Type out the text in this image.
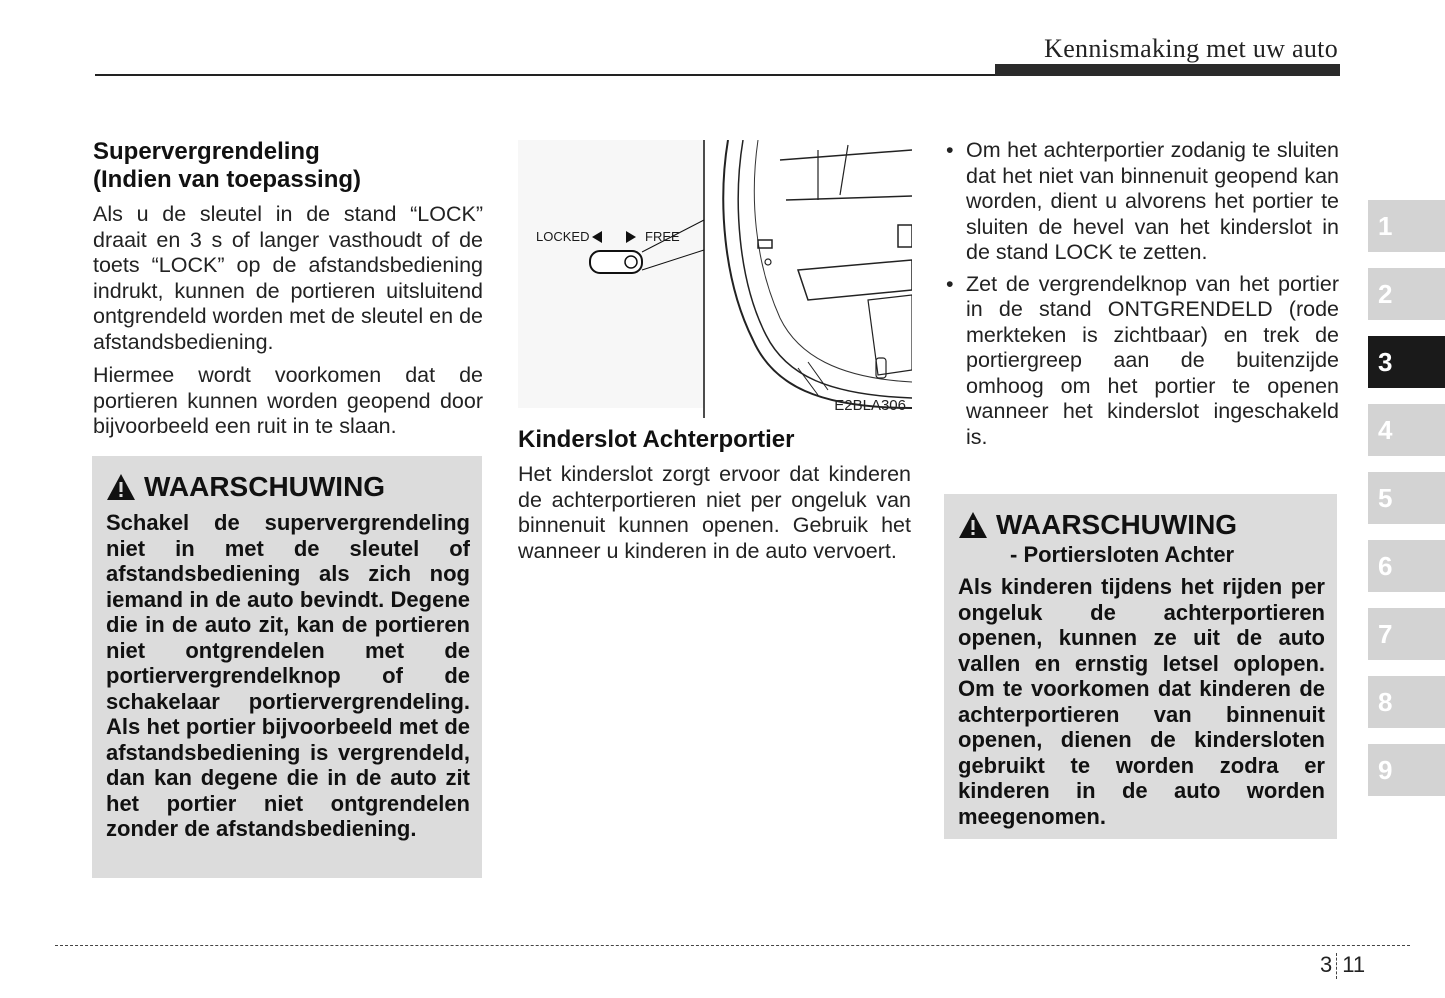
Kennismaking met uw auto
Supervergrendeling
(Indien van toepassing)

Als u de sleutel in de stand “LOCK” draait en 3 s of langer vasthoudt of de toets “LOCK” op de afstandsbediening indrukt, kunnen de portieren uitsluitend ontgrendeld worden met de sleutel en de afstandsbediening.

Hiermee wordt voorkomen dat de portieren kunnen worden geopend door bijvoorbeeld een ruit in te slaan.

WAARSCHUWING
Schakel de supervergrendeling niet in met de sleutel of afstandsbediening als zich nog iemand in de auto bevindt. Degene die in de auto zit, kan de portieren niet ontgrendelen met de portiervergrendelknop of de schakelaar portiervergrendeling. Als het portier bijvoorbeeld met de afstandsbediening is vergrendeld, dan kan degene die in de auto zit het portier niet ontgrendelen zonder de afstandsbediening.
LOCKED	FREE
E2BLA306
Kinderslot Achterportier

Het kinderslot zorgt ervoor dat kinderen de achterportieren niet per ongeluk van binnenuit kunnen openen. Gebruik het wanneer u kinderen in de auto vervoert.

• Om het achterportier zodanig te sluiten dat het niet van binnenuit geopend kan worden, dient u alvorens het portier te sluiten de hevel van het kinderslot in de stand LOCK te zetten.
• Zet de vergrendelknop van het portier in de stand ONTGRENDELD (rode merkteken is zichtbaar) en trek de portiergreep aan de buitenzijde omhoog om het portier te openen wanneer het kinderslot ingeschakeld is.
WAARSCHUWING
- Portiersloten Achter
Als kinderen tijdens het rijden per ongeluk de achterportieren openen, kunnen ze uit de auto vallen en ernstig letsel oplopen. Om te voorkomen dat kinderen de achterportieren van binnenuit openen, dienen de kindersloten gebruikt te worden zodra er kinderen in de auto worden meegenomen.
1
2
3
4
5
6
7
8
9
3 11
